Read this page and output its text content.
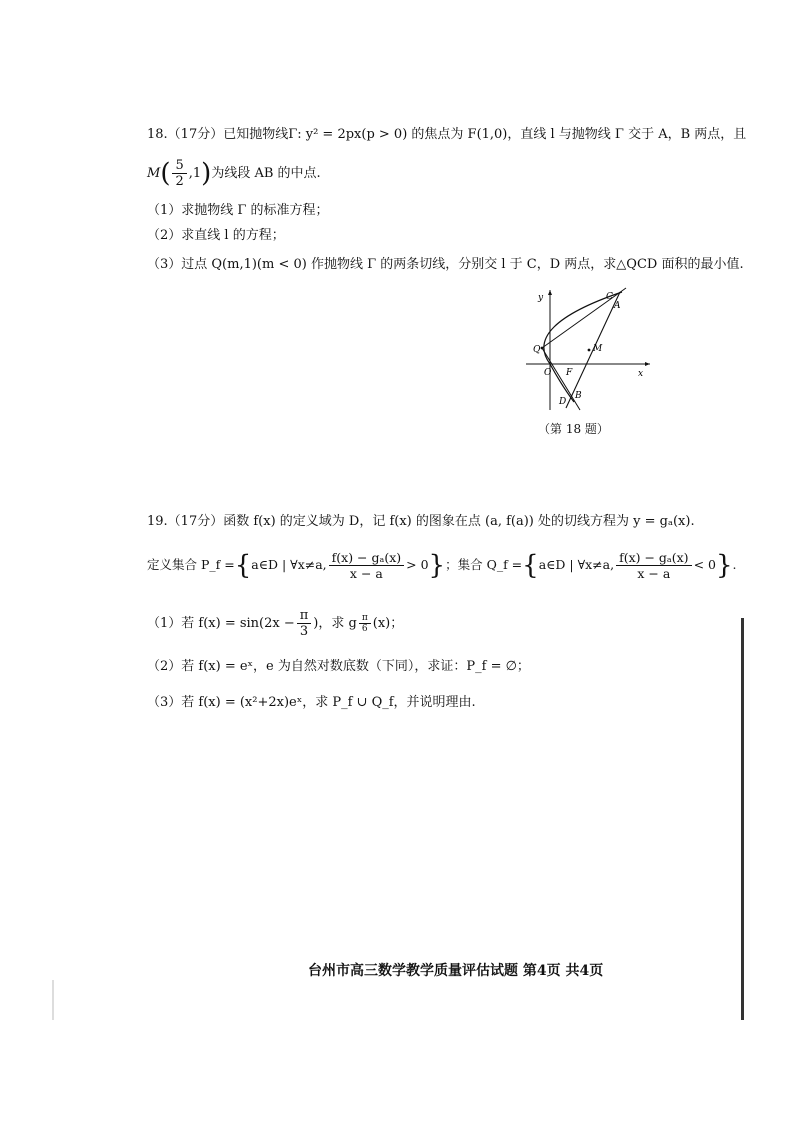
18.（17分）已知抛物线Γ: y² = 2px(p > 0) 的焦点为 F(1,0)，直线 l 与抛物线 Γ 交于 A，B 两点，且
$M( \frac{5}{2} ,1)$为线段 AB 的中点.
（1）求抛物线 Γ 的标准方程；
（2）求直线 l 的方程；
（3）过点 Q(m,1)(m < 0) 作抛物线 Γ 的两条切线，分别交 l 于 C，D 两点，求△QCD 面积的最小值.
y
x
O F
Q	M
A
B
C
D
（第 18 题）
19.（17分）函数 f(x) 的定义域为 D，记 f(x) 的图象在点 (a, f(a)) 处的切线方程为 y = gₐ(x).
定义集合 P_f ={a∈D | ∀x≠a, $\frac{\text{f(x) − gₐ(x)}}{x - a} > 0$}；集合 Q_f ={a∈D | ∀x≠a, $\frac{\text{f(x) − gₐ(x)}}{x - a} < 0$}.
（1）若 $f(x) = \sin(2x - \frac{\pi}{3}$ )，求 g $\frac{\pi}{6} (x)$；
（2）若 f(x) = eˣ，e 为自然对数底数（下同），求证：P_f = ∅；
（3）若 f(x) = (x²+2x)eˣ，求 P_f ∪ Q_f，并说明理由.
台州市高三数学教学质量评估试题 第4页 共4页
